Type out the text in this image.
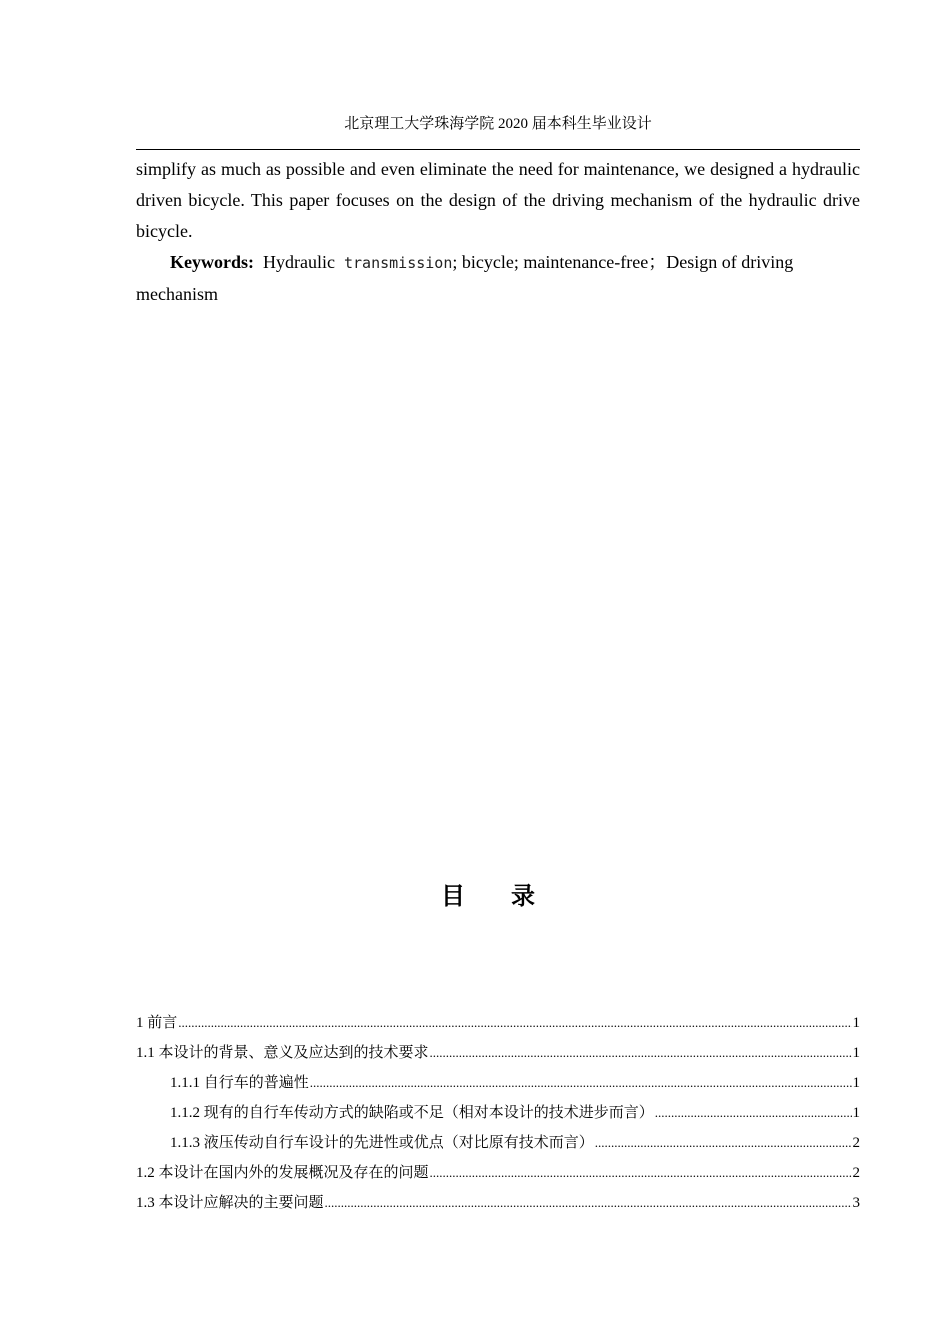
北京理工大学珠海学院 2020 届本科生毕业设计

simplify as much as possible and even eliminate the need for maintenance, we designed a hydraulic driven bicycle. This paper focuses on the design of the driving mechanism of the hydraulic drive bicycle.

Keywords: Hydraulic transmission; bicycle; maintenance-free；Design of driving mechanism

目 录
1 前言 .....	1
1.1 本设计的背景、意义及应达到的技术要求 .....	1
1.1.1 自行车的普遍性 .....	1
1.1.2 现有的自行车传动方式的缺陷或不足（相对本设计的技术进步而言） .....	1
1.1.3 液压传动自行车设计的先进性或优点（对比原有技术而言） .....	2
1.2 本设计在国内外的发展概况及存在的问题 .....	2
1.3 本设计应解决的主要问题 .....	3
